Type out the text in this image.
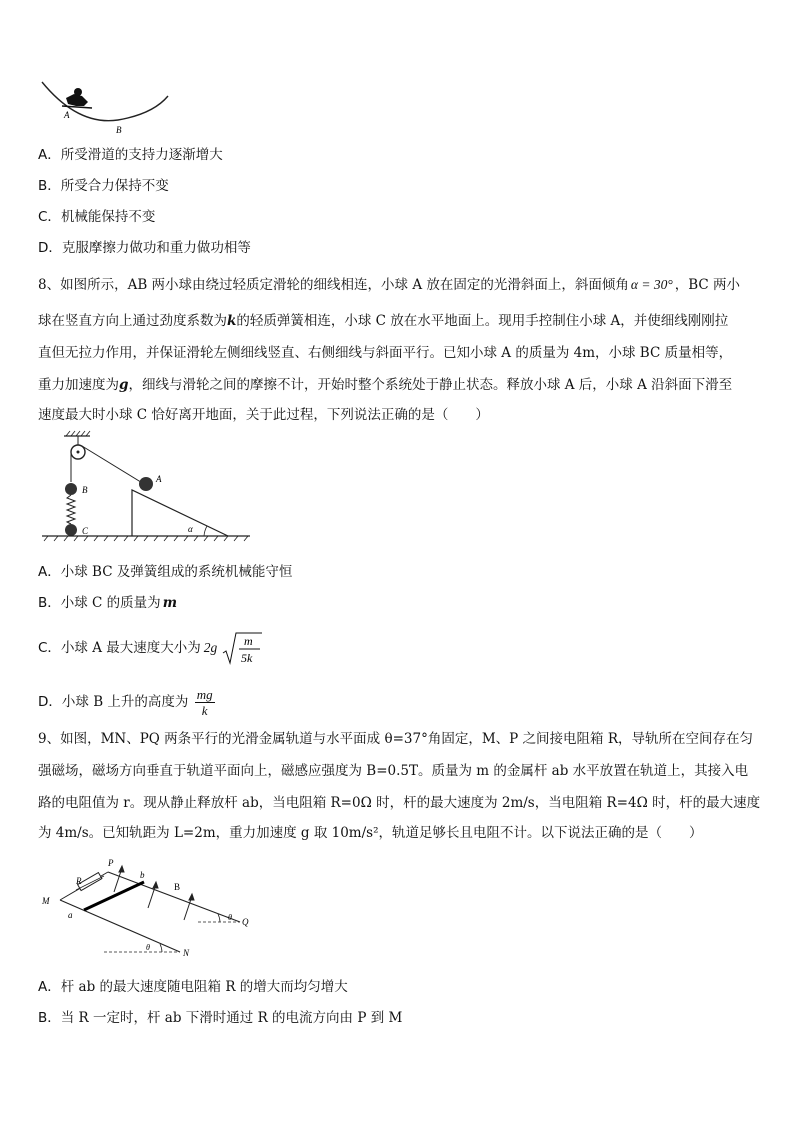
A
B
A．所受滑道的支持力逐渐增大
B．所受合力保持不变
C．机械能保持不变
D．克服摩擦力做功和重力做功相等
8、如图所示，AB 两小球由绕过轻质定滑轮的细线相连，小球 A 放在固定的光滑斜面上，斜面倾角 α = 30° ，BC 两小
球在竖直方向上通过劲度系数为k的轻质弹簧相连，小球 C 放在水平地面上。现用手控制住小球 A，并使细线刚刚拉
直但无拉力作用，并保证滑轮左侧细线竖直、右侧细线与斜面平行。已知小球 A 的质量为 4m，小球 BC 质量相等，
重力加速度为g，细线与滑轮之间的摩擦不计，开始时整个系统处于静止状态。释放小球 A 后，小球 A 沿斜面下滑至
速度最大时小球 C 恰好离开地面，关于此过程，下列说法正确的是（　　）
A
B
C	α
A．小球 BC 及弹簧组成的系统机械能守恒
B．小球 C 的质量为 m
C．小球 A 最大速度大小为 2g m
5k
D．小球 B 上升的高度为 $\frac{mg}{k}$
9、如图，MN、PQ 两条平行的光滑金属轨道与水平面成 θ=37°角固定，M、P 之间接电阻箱 R，导轨所在空间存在匀
强磁场，磁场方向垂直于轨道平面向上，磁感应强度为 B=0.5T。质量为 m 的金属杆 ab 水平放置在轨道上，其接入电
路的电阻值为 r。现从静止释放杆 ab，当电阻箱 R=0Ω 时，杆的最大速度为 2m/s，当电阻箱 R=4Ω 时，杆的最大速度
为 4m/s。已知轨距为 L=2m，重力加速度 g 取 10m/s²，轨道足够长且电阻不计。以下说法正确的是（　　）
P
b
B
R
M
a
Q
N
θ
θ
A．杆 ab 的最大速度随电阻箱 R 的增大而均匀增大
B．当 R 一定时，杆 ab 下滑时通过 R 的电流方向由 P 到 M
